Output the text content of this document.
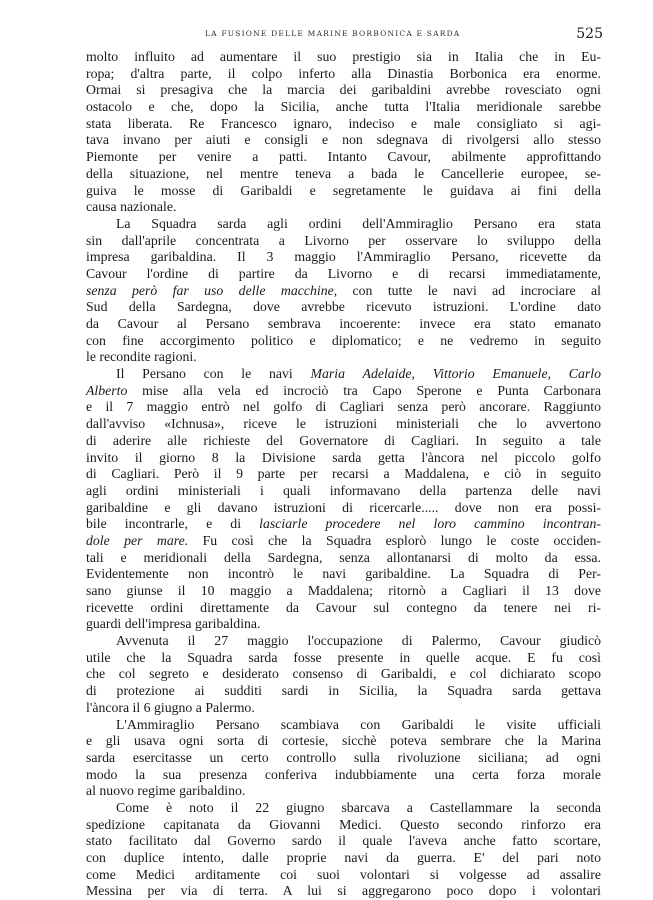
LA FUSIONE DELLE MARINE BORBONICA E SARDA	525
molto influito ad aumentare il suo prestigio sia in Italia che in Eu-
ropa; d'altra parte, il colpo inferto alla Dinastia Borbonica era enorme.
Ormai si presagiva che la marcia dei garibaldini avrebbe rovesciato ogni
ostacolo e che, dopo la Sicilia, anche tutta l'Italia meridionale sarebbe
stata liberata. Re Francesco ignaro, indeciso e male consigliato si agi-
tava invano per aiuti e consigli e non sdegnava di rivolgersi allo stesso
Piemonte per venire a patti. Intanto Cavour, abilmente approfittando
della situazione, nel mentre teneva a bada le Cancellerie europee, se-
guiva le mosse di Garibaldi e segretamente le guidava ai fini della
causa nazionale.
La Squadra sarda agli ordini dell'Ammiraglio Persano era stata
sin dall'aprile concentrata a Livorno per osservare lo sviluppo della
impresa garibaldina. Il 3 maggio l'Ammiraglio Persano, ricevette da
Cavour l'ordine di partire da Livorno e di recarsi immediatamente,
senza però far uso delle macchine, con tutte le navi ad incrociare al
Sud della Sardegna, dove avrebbe ricevuto istruzioni. L'ordine dato
da Cavour al Persano sembrava incoerente: invece era stato emanato
con fine accorgimento politico e diplomatico; e ne vedremo in seguito
le recondite ragioni.
Il Persano con le navi Maria Adelaide, Vittorio Emanuele, Carlo
Alberto mise alla vela ed incrociò tra Capo Sperone e Punta Carbonara
e il 7 maggio entrò nel golfo di Cagliari senza però ancorare. Raggiunto
dall'avviso «Ichnusa», riceve le istruzioni ministeriali che lo avvertono
di aderire alle richieste del Governatore di Cagliari. In seguito a tale
invito il giorno 8 la Divisione sarda getta l'àncora nel piccolo golfo
di Cagliari. Però il 9 parte per recarsi a Maddalena, e ciò in seguito
agli ordini ministeriali i quali informavano della partenza delle navi
garibaldine e gli davano istruzioni di ricercarle..... dove non era possi-
bile incontrarle, e di lasciarle procedere nel loro cammino incontran-
dole per mare. Fu così che la Squadra esplorò lungo le coste occiden-
tali e meridionali della Sardegna, senza allontanarsi di molto da essa.
Evidentemente non incontrò le navi garibaldine. La Squadra di Per-
sano giunse il 10 maggio a Maddalena; ritornò a Cagliari il 13 dove
ricevette ordini direttamente da Cavour sul contegno da tenere nei ri-
guardi dell'impresa garibaldina.
Avvenuta il 27 maggio l'occupazione di Palermo, Cavour giudicò
utile che la Squadra sarda fosse presente in quelle acque. E fu così
che col segreto e desiderato consenso di Garibaldi, e col dichiarato scopo
di protezione ai sudditi sardi in Sicilia, la Squadra sarda gettava
l'àncora il 6 giugno a Palermo.
L'Ammiraglio Persano scambiava con Garibaldi le visite ufficiali
e gli usava ogni sorta di cortesie, sicchè poteva sembrare che la Marina
sarda esercitasse un certo controllo sulla rivoluzione siciliana; ad ogni
modo la sua presenza conferiva indubbiamente una certa forza morale
al nuovo regime garibaldino.
Come è noto il 22 giugno sbarcava a Castellammare la seconda
spedizione capitanata da Giovanni Medici. Questo secondo rinforzo era
stato facilitato dal Governo sardo il quale l'aveva anche fatto scortare,
con duplice intento, dalle proprie navi da guerra. E' del pari noto
come Medici arditamente coi suoi volontari si volgesse ad assalire
Messina per via di terra. A lui si aggregarono poco dopo i volontari
